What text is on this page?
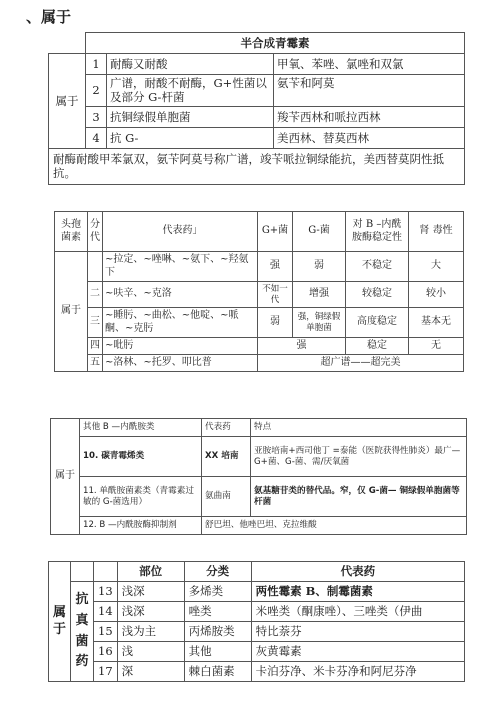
、属于
	半合成青霉素		
属于	1	耐酶又耐酸	甲氧、苯唑、氯唑和双氯
	2	广谱，耐酸不耐酶，G+性菌以及部分 G-杆菌	氨苄和阿莫
	3	抗铜绿假单胞菌	羧苄西林和哌拉西林
	4	抗 G-	美西林、替莫西林
耐酶耐酸甲苯氯双，氨苄阿莫号称广谱，竣苄哌拉铜绿能抗，美西替莫阴性抵抗。			
头孢菌素	分代	代表药｣	G+菌	G-菌	对 B –内酰胺酶稳定性	肾 毒性
属于		~拉定、~唑啉、~氨下、~羟氨下	强	弱	不稳定	大
	二	~呋辛、~克洛	不如一代	增强	较稳定	较小
	三	~睡肟、~曲松、~他啶、~哌酮、~克肟	弱	强，铜绿假单胞菌	高度稳定	基本无
	四	~吡肟	强		稳定	无
	五	~洛林、~托罗、叩比普	超广谱——超完美			
属于	其他 B —内酰胺类	代表药	特点
	10. 碳青霉烯类	XX 培南	亚胺培南+西司他丁 =泰能（医院获得性肺炎）最广—G+菌、G-菌、需/厌氧菌
	11. 单酰胺菌素类（青霉素过敏的 G-菌选用）	氨曲南	氨基糖苷类的替代品。窄，仅 G-菌— 铜绿假单胞菌等杆菌
	12. B —内酰胺酶抑制剂	舒巴坦、他唑巴坦、克拉维酸	
属于			部位	分类	代表药
	抗真菌药	13	浅深	多烯类	两性霉素 B、制霉菌素
		14	浅深	唑类	米唑类（酮康唑）、三唑类（伊曲
		15	浅为主	丙烯胺类	特比萘芬
		16	浅	其他	灰黄霉素
		17	深	棘白菌素	卡泊芬净、米卡芬净和阿尼芬净
